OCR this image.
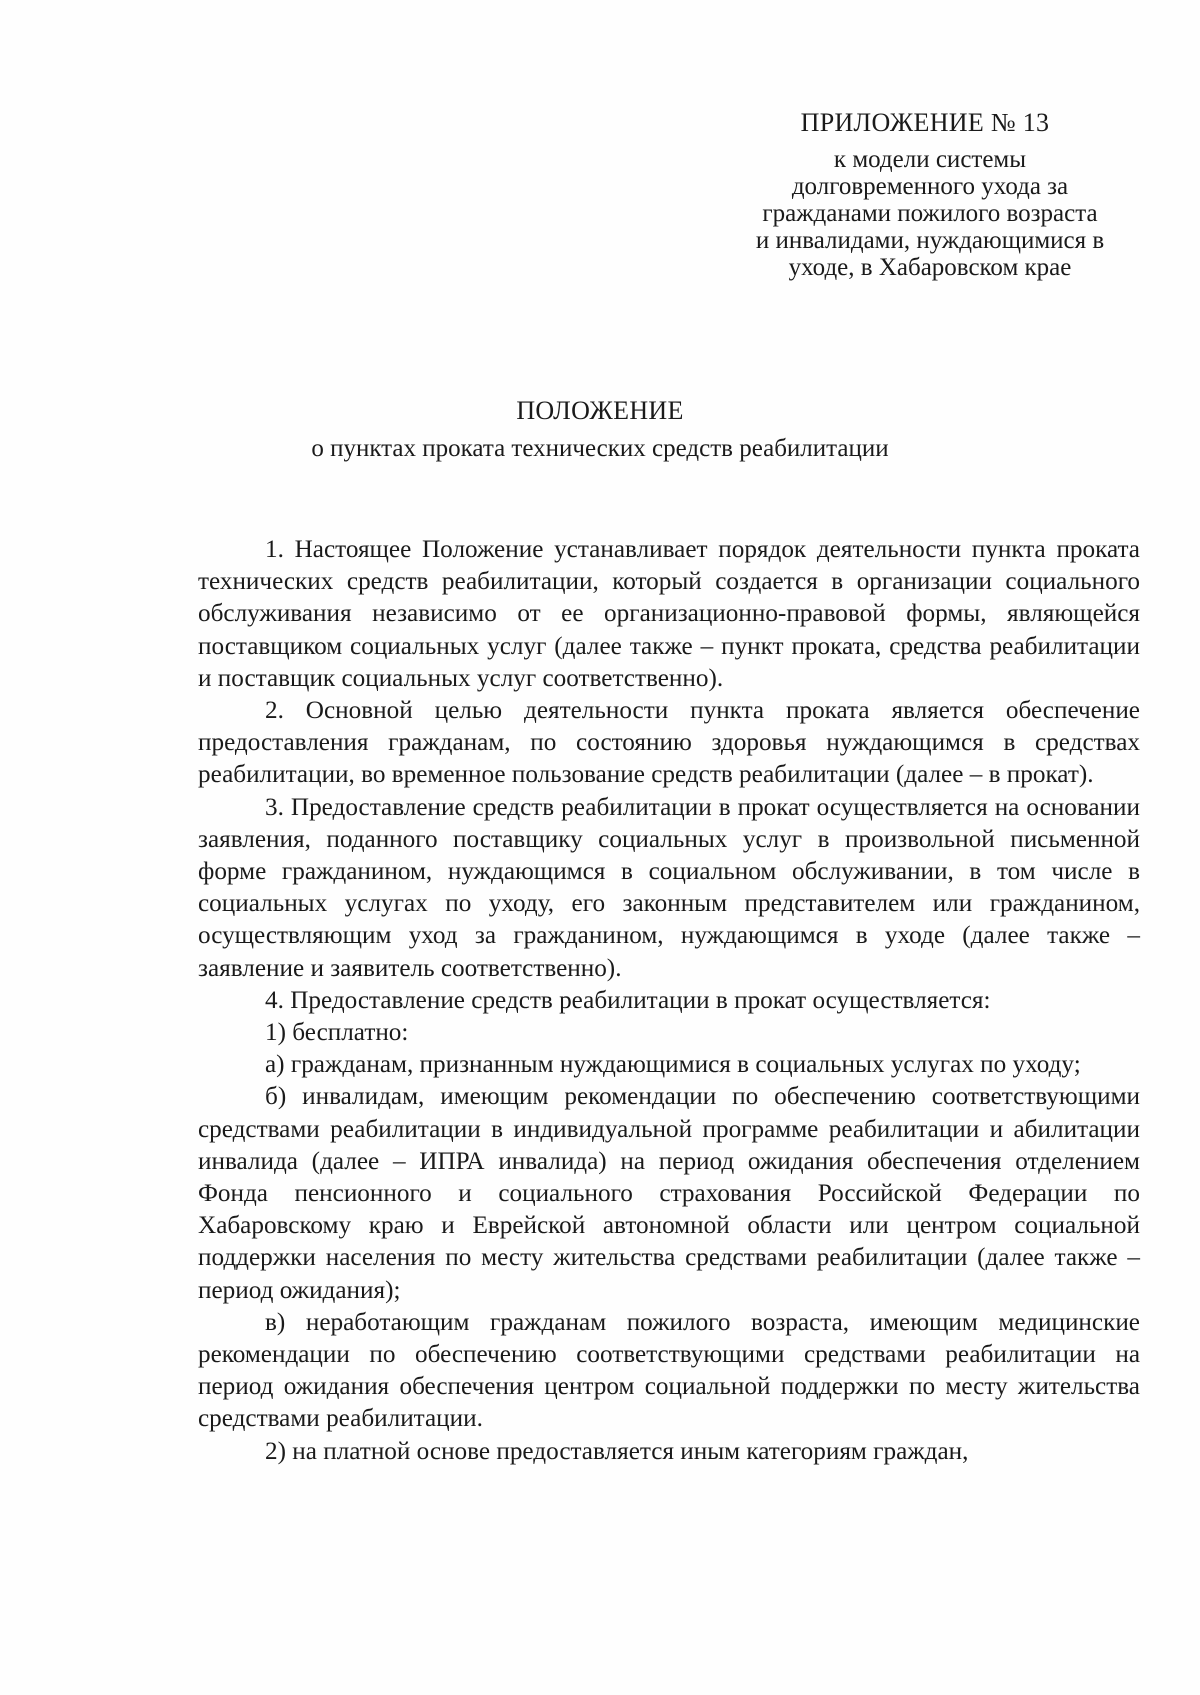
ПРИЛОЖЕНИЕ № 13
к модели системы
долговременного ухода за
гражданами пожилого возраста
и инвалидами, нуждающимися в
уходе, в Хабаровском крае
ПОЛОЖЕНИЕ
о пунктах проката технических средств реабилитации

1. Настоящее Положение устанавливает порядок деятельности пункта проката технических средств реабилитации, который создается в организации социального обслуживания независимо от ее организационно-правовой формы, являющейся поставщиком социальных услуг (далее также – пункт проката, средства реабилитации и поставщик социальных услуг соответственно).

2. Основной целью деятельности пункта проката является обеспечение предоставления гражданам, по состоянию здоровья нуждающимся в средствах реабилитации, во временное пользование средств реабилитации (далее – в прокат).

3. Предоставление средств реабилитации в прокат осуществляется на основании заявления, поданного поставщику социальных услуг в произвольной письменной форме гражданином, нуждающимся в социальном обслуживании, в том числе в социальных услугах по уходу, его законным представителем или гражданином, осуществляющим уход за гражданином, нуждающимся в уходе (далее также – заявление и заявитель соответственно).

4. Предоставление средств реабилитации в прокат осуществляется:

1) бесплатно:

а) гражданам, признанным нуждающимися в социальных услугах по уходу;

б) инвалидам, имеющим рекомендации по обеспечению соответствующими средствами реабилитации в индивидуальной программе реабилитации и абилитации инвалида (далее – ИПРА инвалида) на период ожидания обеспечения отделением Фонда пенсионного и социального страхования Российской Федерации по Хабаровскому краю и Еврейской автономной области или центром социальной поддержки населения по месту жительства средствами реабилитации (далее также – период ожидания);

в) неработающим гражданам пожилого возраста, имеющим медицинские рекомендации по обеспечению соответствующими средствами реабилитации на период ожидания обеспечения центром социальной поддержки по месту жительства средствами реабилитации.

2) на платной основе предоставляется иным категориям граждан,
